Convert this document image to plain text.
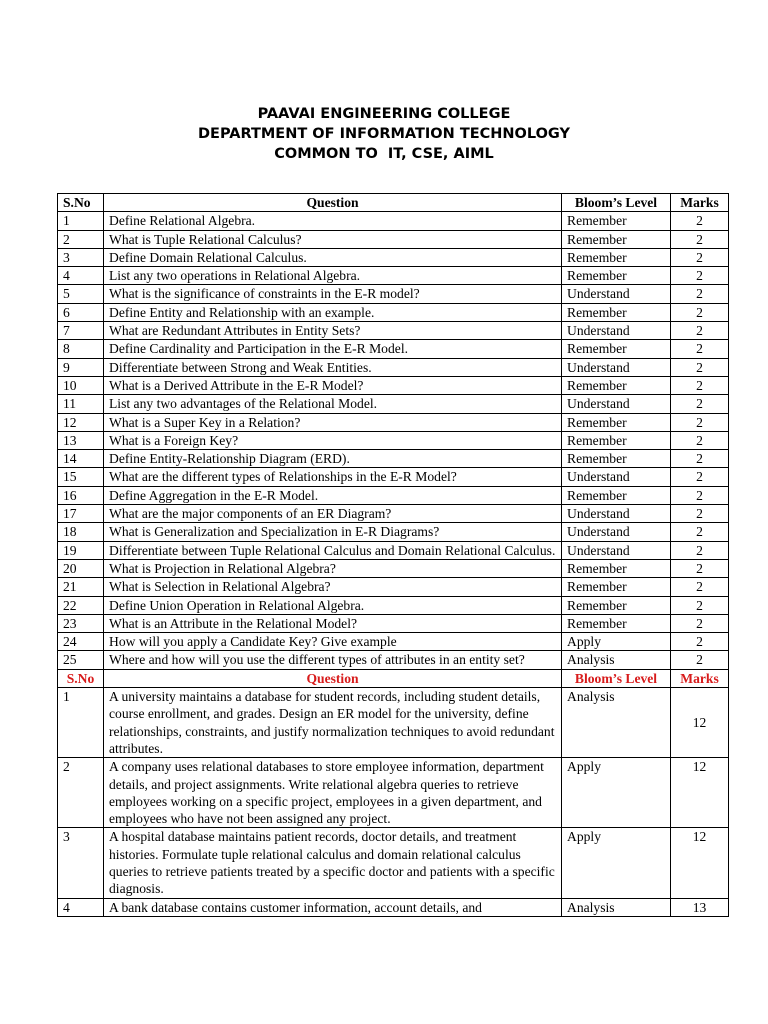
PAAVAI ENGINEERING COLLEGE
DEPARTMENT OF INFORMATION TECHNOLOGY
COMMON TO  IT, CSE, AIML
S.No	Question	Bloom’s Level	Marks
1	Define Relational Algebra.	Remember	2
2	What is Tuple Relational Calculus?	Remember	2
3	Define Domain Relational Calculus.	Remember	2
4	List any two operations in Relational Algebra.	Remember	2
5	What is the significance of constraints in the E-R model?	Understand	2
6	Define Entity and Relationship with an example.	Remember	2
7	What are Redundant Attributes in Entity Sets?	Understand	2
8	Define Cardinality and Participation in the E-R Model.	Remember	2
9	Differentiate between Strong and Weak Entities.	Understand	2
10	What is a Derived Attribute in the E-R Model?	Remember	2
11	List any two advantages of the Relational Model.	Understand	2
12	What is a Super Key in a Relation?	Remember	2
13	What is a Foreign Key?	Remember	2
14	Define Entity-Relationship Diagram (ERD).	Remember	2
15	What are the different types of Relationships in the E-R Model?	Understand	2
16	Define Aggregation in the E-R Model.	Remember	2
17	What are the major components of an ER Diagram?	Understand	2
18	What is Generalization and Specialization in E-R Diagrams?	Understand	2
19	Differentiate between Tuple Relational Calculus and Domain Relational Calculus.	Understand	2
20	What is Projection in Relational Algebra?	Remember	2
21	What is Selection in Relational Algebra?	Remember	2
22	Define Union Operation in Relational Algebra.	Remember	2
23	What is an Attribute in the Relational Model?	Remember	2
24	How will you apply a Candidate Key? Give example	Apply	2
25	Where and how will you use the different types of attributes in an entity set?	Analysis	2
S.No	Question	Bloom’s Level	Marks
1	A university maintains a database for student records, including student details, course enrollment, and grades. Design an ER model for the university, define relationships, constraints, and justify normalization techniques to avoid redundant attributes.	Analysis	12
2	A company uses relational databases to store employee information, department details, and project assignments. Write relational algebra queries to retrieve employees working on a specific project, employees in a given department, and employees who have not been assigned any project.	Apply	12
3	A hospital database maintains patient records, doctor details, and treatment histories. Formulate tuple relational calculus and domain relational calculus queries to retrieve patients treated by a specific doctor and patients with a specific diagnosis.	Apply	12
4	A bank database contains customer information, account details, and	Analysis	13
